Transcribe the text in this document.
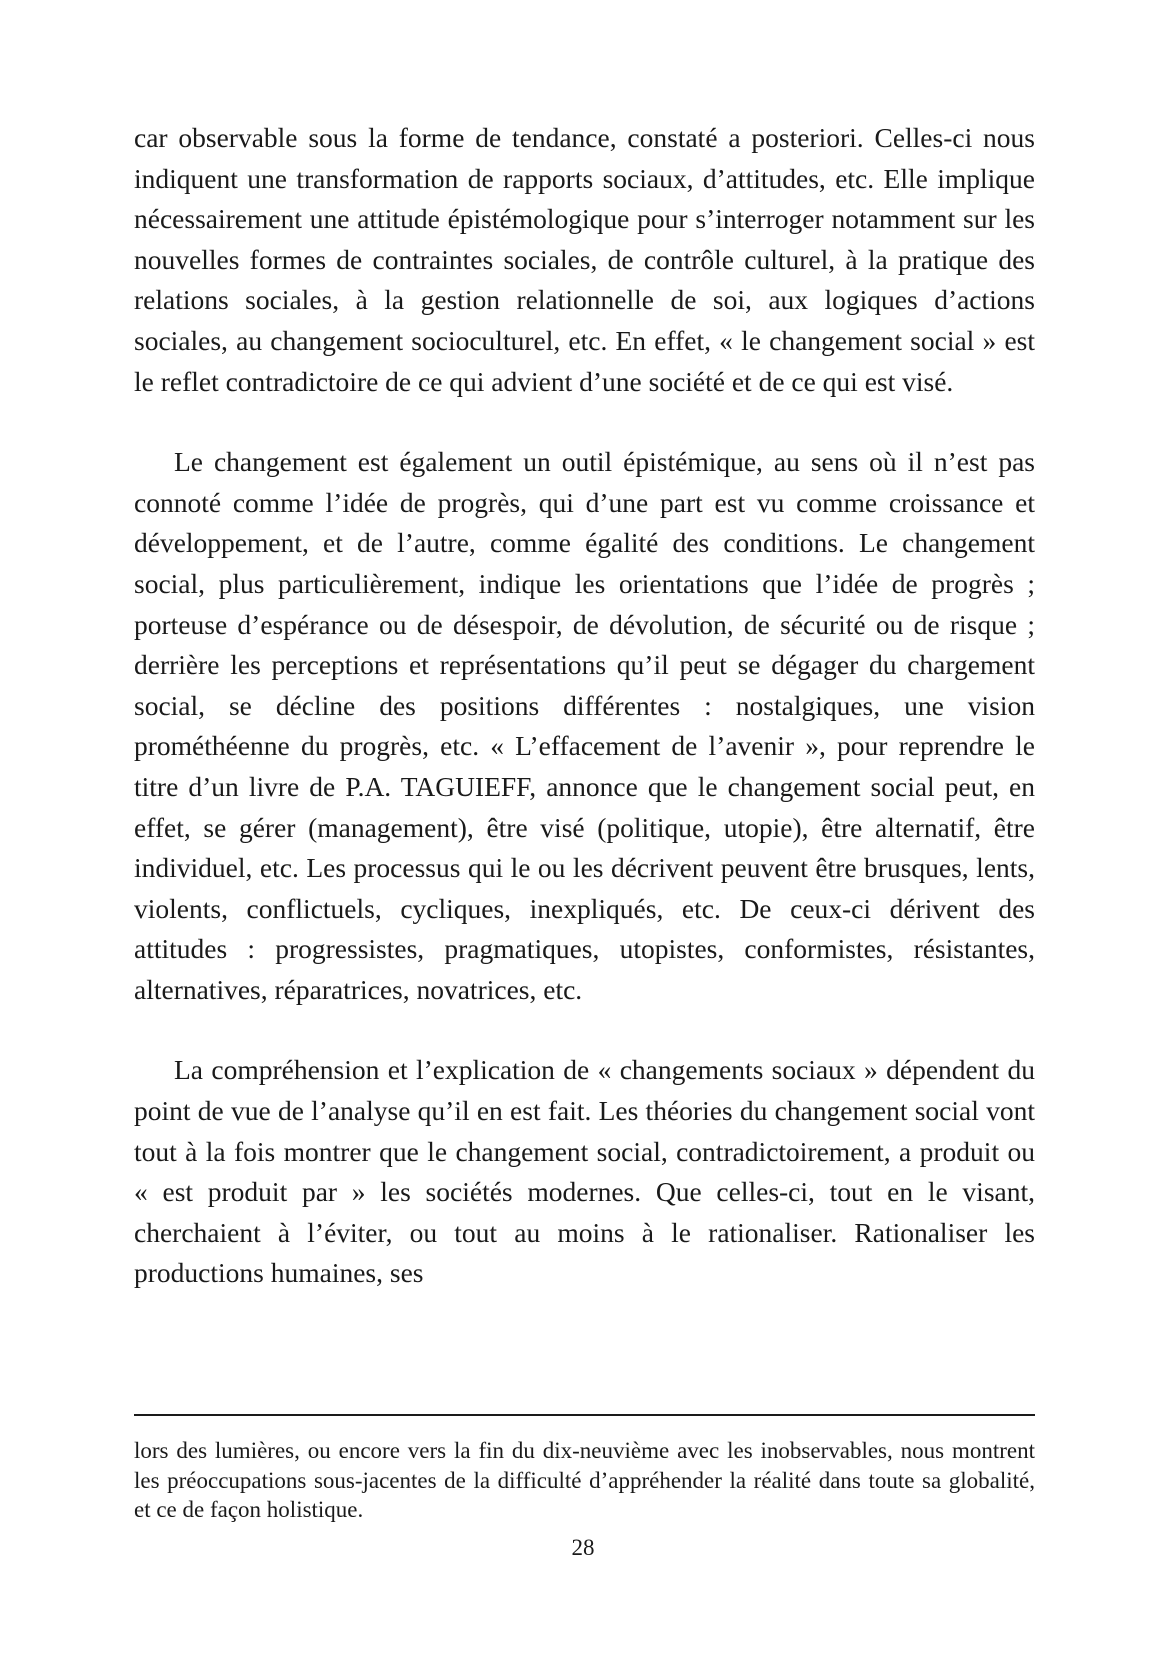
car observable sous la forme de tendance, constaté a posteriori. Celles-ci nous indiquent une transformation de rapports sociaux, d’attitudes, etc. Elle implique nécessairement une attitude épistémologique pour s’interroger notamment sur les nouvelles formes de contraintes sociales, de contrôle culturel, à la pratique des relations sociales, à la gestion relationnelle de soi, aux logiques d’actions sociales, au changement socioculturel, etc. En effet, « le changement social » est le reflet contradictoire de ce qui advient d’une société et de ce qui est visé.

Le changement est également un outil épistémique, au sens où il n’est pas connoté comme l’idée de progrès, qui d’une part est vu comme croissance et développement, et de l’autre, comme égalité des conditions. Le changement social, plus particulièrement, indique les orientations que l’idée de progrès ; porteuse d’espérance ou de désespoir, de dévolution, de sécurité ou de risque ; derrière les perceptions et représentations qu’il peut se dégager du chargement social, se décline des positions différentes : nostalgiques, une vision prométhéenne du progrès, etc. « L’effacement de l’avenir », pour reprendre le titre d’un livre de P.A. TAGUIEFF, annonce que le changement social peut, en effet, se gérer (management), être visé (politique, utopie), être alternatif, être individuel, etc. Les processus qui le ou les décrivent peuvent être brusques, lents, violents, conflictuels, cycliques, inexpliqués, etc. De ceux-ci dérivent des attitudes : progressistes, pragmatiques, utopistes, conformistes, résistantes, alternatives, réparatrices, novatrices, etc.

La compréhension et l’explication de « changements sociaux » dépendent du point de vue de l’analyse qu’il en est fait. Les théories du changement social vont tout à la fois montrer que le changement social, contradictoirement, a produit ou « est produit par » les sociétés modernes. Que celles-ci, tout en le visant, cherchaient à l’éviter, ou tout au moins à le rationaliser. Rationaliser les productions humaines, ses

lors des lumières, ou encore vers la fin du dix-neuvième avec les inobservables, nous montrent les préoccupations sous-jacentes de la difficulté d’appréhender la réalité dans toute sa globalité, et ce de façon holistique.

28
